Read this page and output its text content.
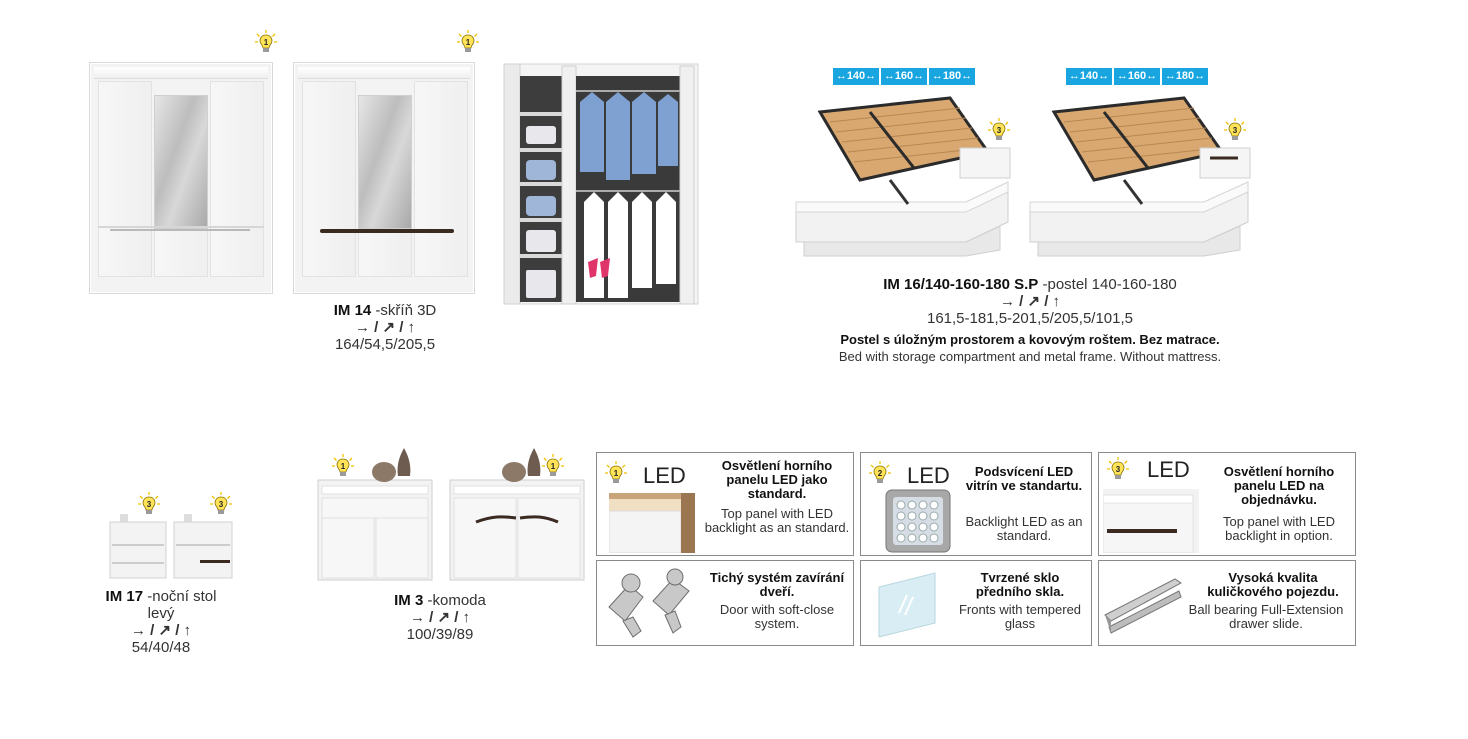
1	1
IM 14 -skříň 3D
→ / ↗ / ↑
164/54,5/205,5
↔140↔ ↔160↔ ↔180↔	↔140↔ ↔160↔ ↔180↔
3	3
IM 16/140-160-180 S.P -postel 140-160-180
→ / ↗ / ↑
161,5-181,5-201,5/205,5/101,5
Postel s úložným prostorem a kovovým roštem. Bez matrace.
Bed with storage compartment and metal frame. Without mattress.
3	3
IM 17 -noční stol
levý
→ / ↗ / ↑
54/40/48
1	1
IM 3 -komoda
→ / ↗ / ↑
100/39/89
1 LED	Osvětlení horního panelu LED jako standard.
Top panel with LED backlight as an standard.
2 LED	Podsvícení LED vitrín ve standartu.
Backlight LED as an standard.
3 LED	Osvětlení horního panelu LED na objednávku.
Top panel with LED backlight in option.
Tichý systém zavírání dveří.
Door with soft-close system.
Tvrzené sklo předního skla.
Fronts with tempered glass
Vysoká kvalita kuličkového pojezdu.
Ball bearing Full-Extension drawer slide.
